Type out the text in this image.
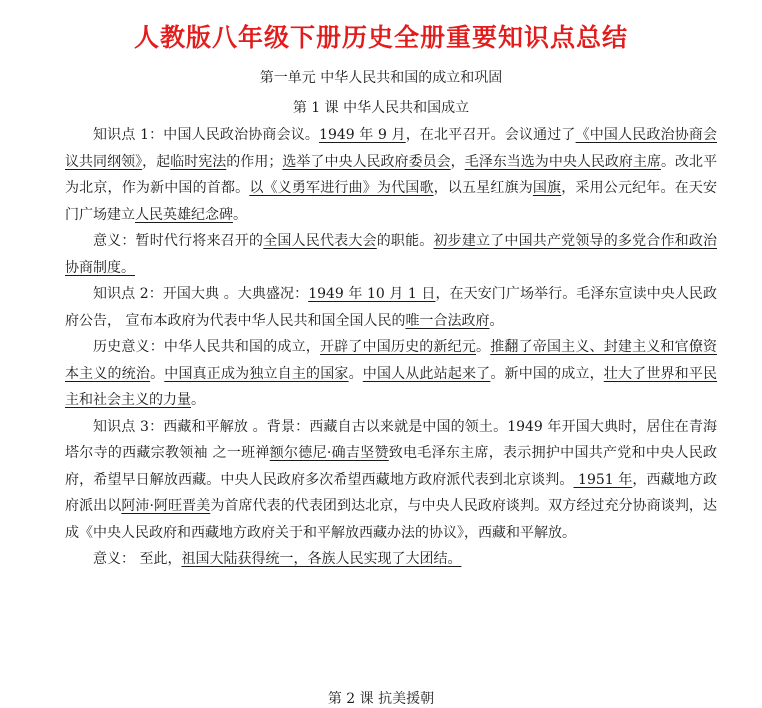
人教版八年级下册历史全册重要知识点总结
第一单元 中华人民共和国的成立和巩固
第 1 课 中华人民共和国成立

知识点 1：中国人民政治协商会议。1949 年 9 月，在北平召开。会议通过了《中国人民政治协商会议共同纲领》，起临时宪法的作用；选举了中央人民政府委员会，毛泽东当选为中央人民政府主席。改北平为北京，作为新中国的首都。以《义勇军进行曲》为代国歌，以五星红旗为国旗，采用公元纪年。在天安门广场建立人民英雄纪念碑。

意义：暂时代行将来召开的全国人民代表大会的职能。初步建立了中国共产党领导的多党合作和政治协商制度。

知识点 2：开国大典 。大典盛况：1949 年 10 月 1 日，在天安门广场举行。毛泽东宣读中央人民政府公告， 宣布本政府为代表中华人民共和国全国人民的唯一合法政府。

历史意义：中华人民共和国的成立，开辟了中国历史的新纪元。推翻了帝国主义、封建主义和官僚资本主义的统治。中国真正成为独立自主的国家。中国人从此站起来了。新中国的成立，壮大了世界和平民主和社会主义的力量。

知识点 3：西藏和平解放 。背景：西藏自古以来就是中国的领土。1949 年开国大典时，居住在青海塔尔寺的西藏宗教领袖 之一班禅额尔德尼·确吉坚赞致电毛泽东主席，表示拥护中国共产党和中央人民政府，希望早日解放西藏。中央人民政府多次希望西藏地方政府派代表到北京谈判。 1951 年，西藏地方政府派出以阿沛·阿旺晋美为首席代表的代表团到达北京，与中央人民政府谈判。双方经过充分协商谈判，达成《中央人民政府和西藏地方政府关于和平解放西藏办法的协议》，西藏和平解放。

意义： 至此，祖国大陆获得统一，各族人民实现了大团结。

第 2 课 抗美援朝
